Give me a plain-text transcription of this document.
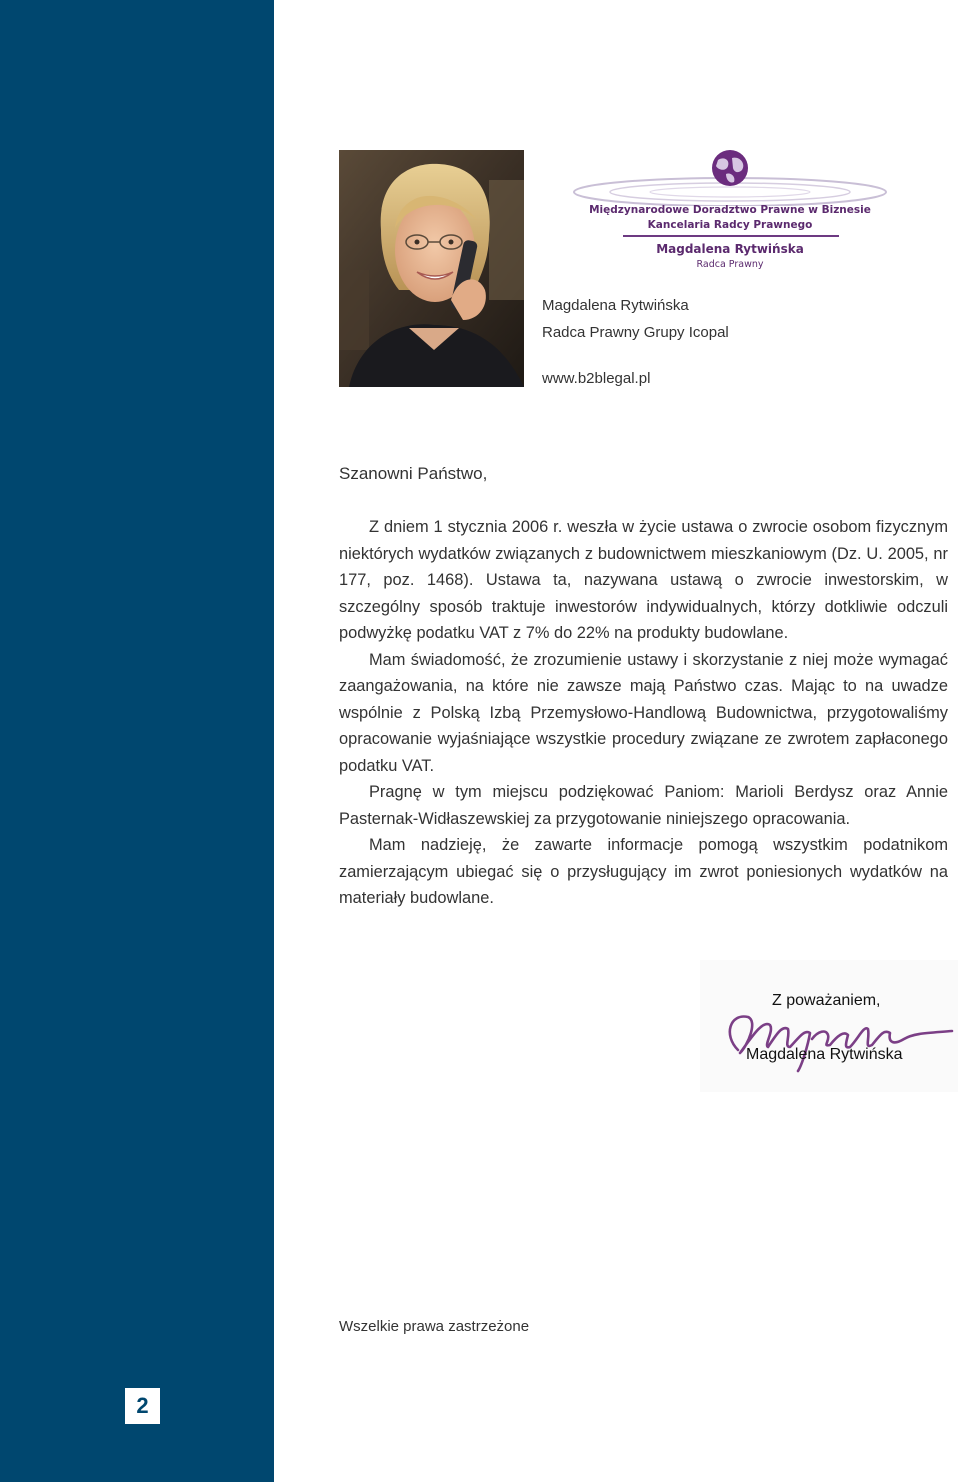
2
Międzynarodowe Doradztwo Prawne w Biznesie
Kancelaria Radcy Prawnego
Magdalena Rytwińska
Radca Prawny
Magdalena Rytwińska
Radca Prawny Grupy Icopal
www.b2blegal.pl
Szanowni Państwo,

Z dniem 1 stycznia 2006 r. weszła w życie ustawa o zwrocie osobom fizycznym niektórych wydatków związanych z budownictwem mieszkaniowym (Dz. U. 2005, nr 177, poz. 1468). Ustawa ta, nazywana ustawą o zwrocie inwestorskim, w szczególny sposób traktuje inwestorów indywidualnych, którzy dotkliwie odczuli podwyżkę podatku VAT z 7% do 22% na produkty budowlane.

Mam świadomość, że zrozumienie ustawy i skorzystanie z niej może wymagać zaangażowania, na które nie zawsze mają Państwo czas. Mając to na uwadze wspólnie z Polską Izbą Przemysłowo-Handlową Budownictwa, przygotowaliśmy opracowanie wyjaśniające wszystkie procedury związane ze zwrotem zapłaconego podatku VAT.

Pragnę w tym miejscu podziękować Paniom: Marioli Berdysz oraz Annie Pasternak-Widłaszewskiej za przygotowanie niniejszego opracowania.

Mam nadzieję, że zawarte informacje pomogą wszystkim podatnikom zamierzającym ubiegać się o przysługujący im zwrot poniesionych wydatków na materiały budowlane.

Z poważaniem,
Magdalena Rytwińska
Wszelkie prawa zastrzeżone
